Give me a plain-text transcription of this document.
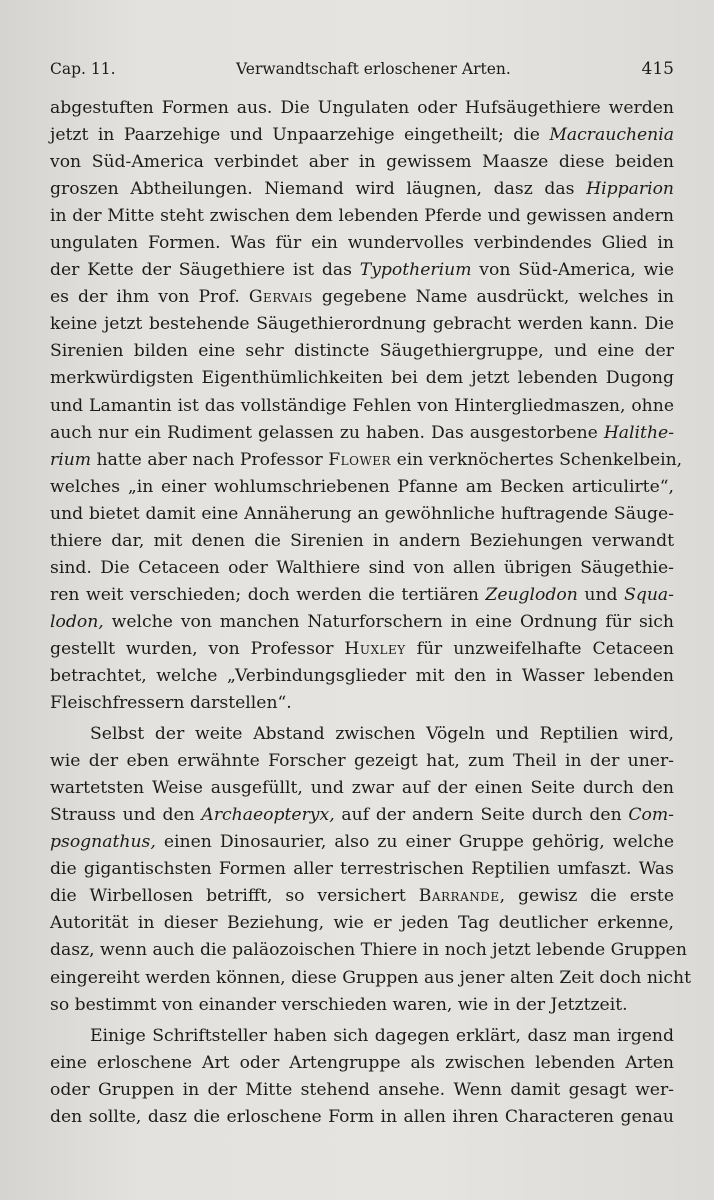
Cap. 11.	Verwandtschaft erloschener Arten.	415
abgestuften Formen aus. Die Ungulaten oder Hufsäugethiere werden
jetzt in Paarzehige und Unpaarzehige eingetheilt; die Macrauchenia
von Süd-America verbindet aber in gewissem Maasze diese beiden
groszen Abtheilungen. Niemand wird läugnen, dasz das Hipparion
in der Mitte steht zwischen dem lebenden Pferde und gewissen andern
ungulaten Formen. Was für ein wundervolles verbindendes Glied in
der Kette der Säugethiere ist das Typotherium von Süd-America, wie
es der ihm von Prof. Gervais gegebene Name ausdrückt, welches in
keine jetzt bestehende Säugethierordnung gebracht werden kann. Die
Sirenien bilden eine sehr distincte Säugethiergruppe, und eine der
merkwürdigsten Eigenthümlichkeiten bei dem jetzt lebenden Dugong
und Lamantin ist das vollständige Fehlen von Hintergliedmaszen, ohne
auch nur ein Rudiment gelassen zu haben. Das ausgestorbene Halithe-
rium hatte aber nach Professor Flower ein verknöchertes Schenkelbein,
welches „in einer wohlumschriebenen Pfanne am Becken articulirte“,
und bietet damit eine Annäherung an gewöhnliche huftragende Säuge-
thiere dar, mit denen die Sirenien in andern Beziehungen verwandt
sind. Die Cetaceen oder Walthiere sind von allen übrigen Säugethie-
ren weit verschieden; doch werden die tertiären Zeuglodon und Squa-
lodon, welche von manchen Naturforschern in eine Ordnung für sich
gestellt wurden, von Professor Huxley für unzweifelhafte Cetaceen
betrachtet, welche „Verbindungsglieder mit den in Wasser lebenden
Fleischfressern darstellen“.
Selbst der weite Abstand zwischen Vögeln und Reptilien wird,
wie der eben erwähnte Forscher gezeigt hat, zum Theil in der uner-
wartetsten Weise ausgefüllt, und zwar auf der einen Seite durch den
Strauss und den Archaeopteryx, auf der andern Seite durch den Com-
psognathus, einen Dinosaurier, also zu einer Gruppe gehörig, welche
die gigantischsten Formen aller terrestrischen Reptilien umfaszt. Was
die Wirbellosen betrifft, so versichert Barrande, gewisz die erste
Autorität in dieser Beziehung, wie er jeden Tag deutlicher erkenne,
dasz, wenn auch die paläozoischen Thiere in noch jetzt lebende Gruppen
eingereiht werden können, diese Gruppen aus jener alten Zeit doch nicht
so bestimmt von einander verschieden waren, wie in der Jetztzeit.
Einige Schriftsteller haben sich dagegen erklärt, dasz man irgend
eine erloschene Art oder Artengruppe als zwischen lebenden Arten
oder Gruppen in der Mitte stehend ansehe. Wenn damit gesagt wer-
den sollte, dasz die erloschene Form in allen ihren Characteren genau
